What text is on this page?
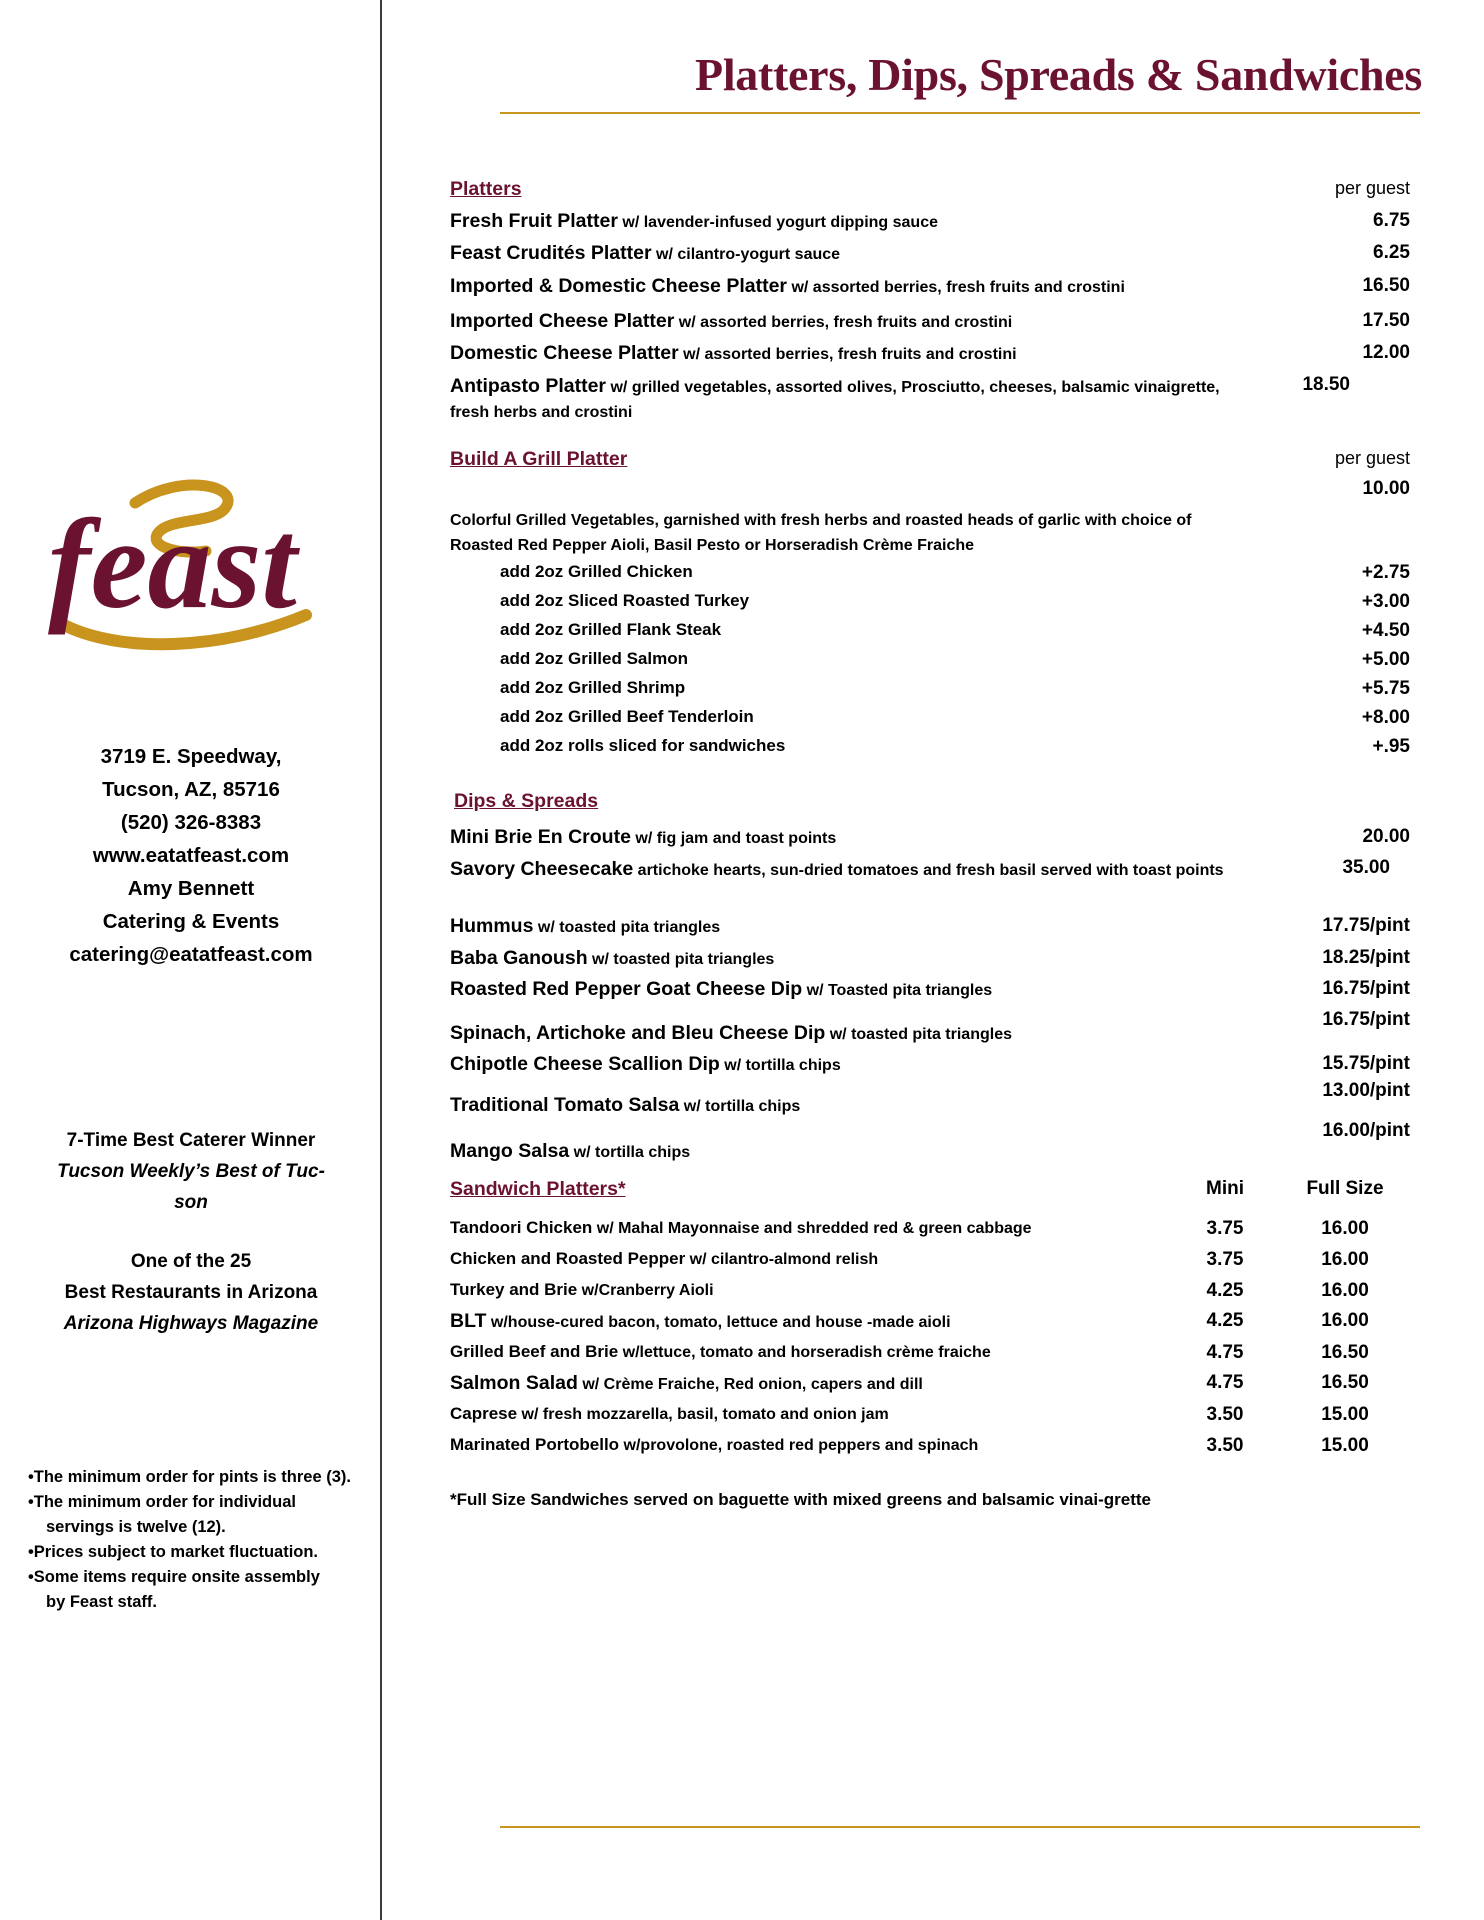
feast
3719 E. Speedway,
Tucson, AZ, 85716
(520) 326-8383
www.eatatfeast.com
Amy Bennett
Catering & Events
catering@eatatfeast.com
7-Time Best Caterer Winner
Tucson Weekly’s Best of Tuc-
son
One of the 25
Best Restaurants in Arizona
Arizona Highways Magazine
•The minimum order for pints is three (3).
•The minimum order for individual
servings is twelve (12).
•Prices subject to market fluctuation.
•Some items require onsite assembly
by Feast staff.
Platters, Dips, Spreads & Sandwiches
Platters	per guest
Fresh Fruit Platter w/ lavender-infused yogurt dipping sauce	6.75
Feast Crudités Platter w/ cilantro-yogurt sauce	6.25
Imported & Domestic Cheese Platter w/ assorted berries, fresh fruits and crostini	16.50
Imported Cheese Platter w/ assorted berries, fresh fruits and crostini	17.50
Domestic Cheese Platter w/ assorted berries, fresh fruits and crostini	12.00
Antipasto Platter w/ grilled vegetables, assorted olives, Prosciutto, cheeses, balsamic vinaigrette, fresh herbs and crostini
18.50
Build A Grill Platter	per guest
10.00
Colorful Grilled Vegetables, garnished with fresh herbs and roasted heads of garlic with choice of Roasted Red Pepper Aioli, Basil Pesto or Horseradish Crème Fraiche
add 2oz Grilled Chicken	+2.75
add 2oz Sliced Roasted Turkey	+3.00
add 2oz Grilled Flank Steak	+4.50
add 2oz Grilled Salmon	+5.00
add 2oz Grilled Shrimp	+5.75
add 2oz Grilled Beef Tenderloin	+8.00
add 2oz rolls sliced for sandwiches	+.95
Dips & Spreads
Mini Brie En Croute w/ fig jam and toast points	20.00
Savory Cheesecake artichoke hearts, sun-dried tomatoes and fresh basil served with toast points	35.00
Hummus w/ toasted pita triangles	17.75/pint
Baba Ganoush w/ toasted pita triangles	18.25/pint
Roasted Red Pepper Goat Cheese Dip w/ Toasted pita triangles	16.75/pint
Spinach, Artichoke and Bleu Cheese Dip w/ toasted pita triangles
16.75/pint
Chipotle Cheese Scallion Dip w/ tortilla chips	15.75/pint
Traditional Tomato Salsa w/ tortilla chips
13.00/pint
Mango Salsa w/ tortilla chips
16.00/pint
Sandwich Platters*	Mini	Full Size
Tandoori Chicken w/ Mahal Mayonnaise and shredded red & green cabbage	3.75	16.00
Chicken and Roasted Pepper w/ cilantro-almond relish	3.75	16.00
Turkey and Brie w/Cranberry Aioli	4.25	16.00
BLT w/house-cured bacon, tomato, lettuce and house -made aioli	4.25	16.00
Grilled Beef and Brie w/lettuce, tomato and horseradish crème fraiche	4.75	16.50
Salmon Salad w/ Crème Fraiche, Red onion, capers and dill	4.75	16.50
Caprese w/ fresh mozzarella, basil, tomato and onion jam	3.50	15.00
Marinated Portobello w/provolone, roasted red peppers and spinach	3.50	15.00
*Full Size Sandwiches served on baguette with mixed greens and balsamic vinai-grette
